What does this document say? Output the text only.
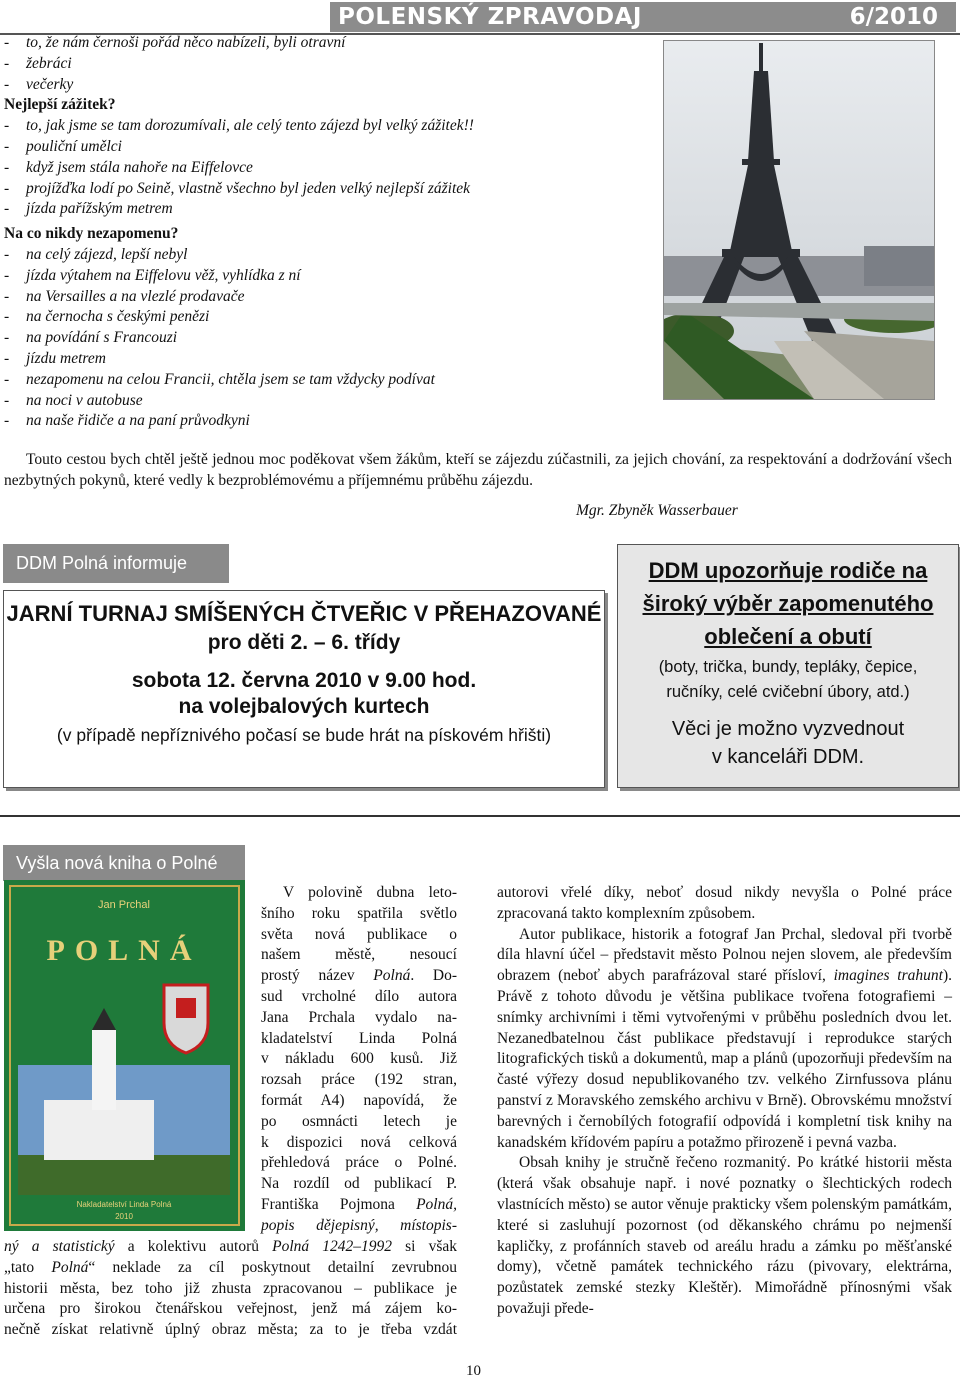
POLENSKÝ ZPRAVODAJ	6/2010
- to, že nám černoši pořád něco nabízeli, byli otravní
- žebráci
- večerky
Nejlepší zážitek?
- to, jak jsme se tam dorozumívali, ale celý tento zájezd byl velký zážitek!!
- pouliční umělci
- když jsem stála nahoře na Eiffelovce
- projížďka lodí po Seině, vlastně všechno byl jeden velký nejlepší zážitek
- jízda pařížským metrem
Na co nikdy nezapomenu?
- na celý zájezd, lepší nebyl
- jízda výtahem na Eiffelovu věž, vyhlídka z ní
- na Versailles a na vlezlé prodavače
- na černocha s českými penězi
- na povídání s Francouzi
- jízdu metrem
- nezapomenu na celou Francii, chtěla jsem se tam vždycky podívat
- na noci v autobuse
- na naše řidiče a na paní průvodkyni
Touto cestou bych chtěl ještě jednou moc poděkovat všem žákům, kteří se zájezdu zúčastnili, za jejich chování, za respektování a dodržování všech nezbytných pokynů, které vedly k bezproblémovému a příjemnému průběhu zájezdu.
Mgr. Zbyněk Wasserbauer
DDM Polná informuje
JARNÍ TURNAJ SMÍŠENÝCH ČTVEŘIC V PŘEHAZOVANÉ
pro děti 2. – 6. třídy
sobota 12. června 2010 v 9.00 hod.
na volejbalových kurtech
(v případě nepříznivého počasí se bude hrát na pískovém hřišti)
DDM upozorňuje rodiče na
široký výběr zapomenutého
oblečení a obutí
(boty, trička, bundy, tepláky, čepice,
ručníky, celé cvičební úbory, atd.)
Věci je možno vyzvednout
v kanceláři DDM.
Vyšla nová kniha o Polné
Jan Prchal
POLNÁ
Nakladatelství Linda Polná
2010
V polovině dubna leto-
šního roku spatřila světlo
světa nová publikace o
našem městě, nesoucí
prostý název Polná. Do-
sud vrcholné dílo autora
Jana Prchala vydalo na-
kladatelství Linda Polná
v nákladu 600 kusů. Již
rozsah práce (192 stran,
formát A4) napovídá, že
po osmnácti letech je
k dispozici nová celková
přehledová práce o Polné.
Na rozdíl od publikací P.
Františka Pojmona Polná,
popis dějepisný, místopis-
ný a statistický a kolektivu autorů Polná 1242–1992 si však
„tato Polná“ neklade za cíl poskytnout detailní zevrubnou
historii města, bez toho již zhusta zpracovanou – publikace je
určena pro širokou čtenářskou veřejnost, jenž má zájem ko-
nečně získat relativně úplný obraz města; za to je třeba vzdát
autorovi vřelé díky, neboť dosud nikdy nevyšla o Polné práce zpracovaná takto komplexním způsobem.
Autor publikace, historik a fotograf Jan Prchal, sledoval při tvorbě díla hlavní účel – představit město Polnou nejen slovem, ale především obrazem (neboť abych parafrázoval staré přísloví, imagines trahunt). Právě z tohoto důvodu je většina publikace tvořena fotografiemi – snímky archivními i těmi vytvořenými v průběhu posledních dvou let. Nezanedbatelnou část publikace představují i reprodukce starých litografických tisků a dokumentů, map a plánů (upozorňuji především na časté výřezy dosud nepublikovaného tzv. velkého Zirnfussova plánu panství z Moravského zemského archivu v Brně). Obrovskému množství barevných i černobílých fotografií odpovídá i kompletní tisk knihy na kanadském křídovém papíru a potažmo přirozeně i pevná vazba.
Obsah knihy je stručně řečeno rozmanitý. Po krátké historii města (která však obsahuje např. i nové poznatky o šlechtických rodech vlastnících město) se autor věnuje prakticky všem polenským památkám, které si zasluhují pozornost (od děkanského chrámu po nejmenší kapličky, z profánních staveb od areálu hradu a zámku po měšťanské domy), včetně památek technického rázu (pivovary, elektrárna, pozůstatek zemské stezky Kleštěr). Mimořádně přínosnými však považuji přede-
10
